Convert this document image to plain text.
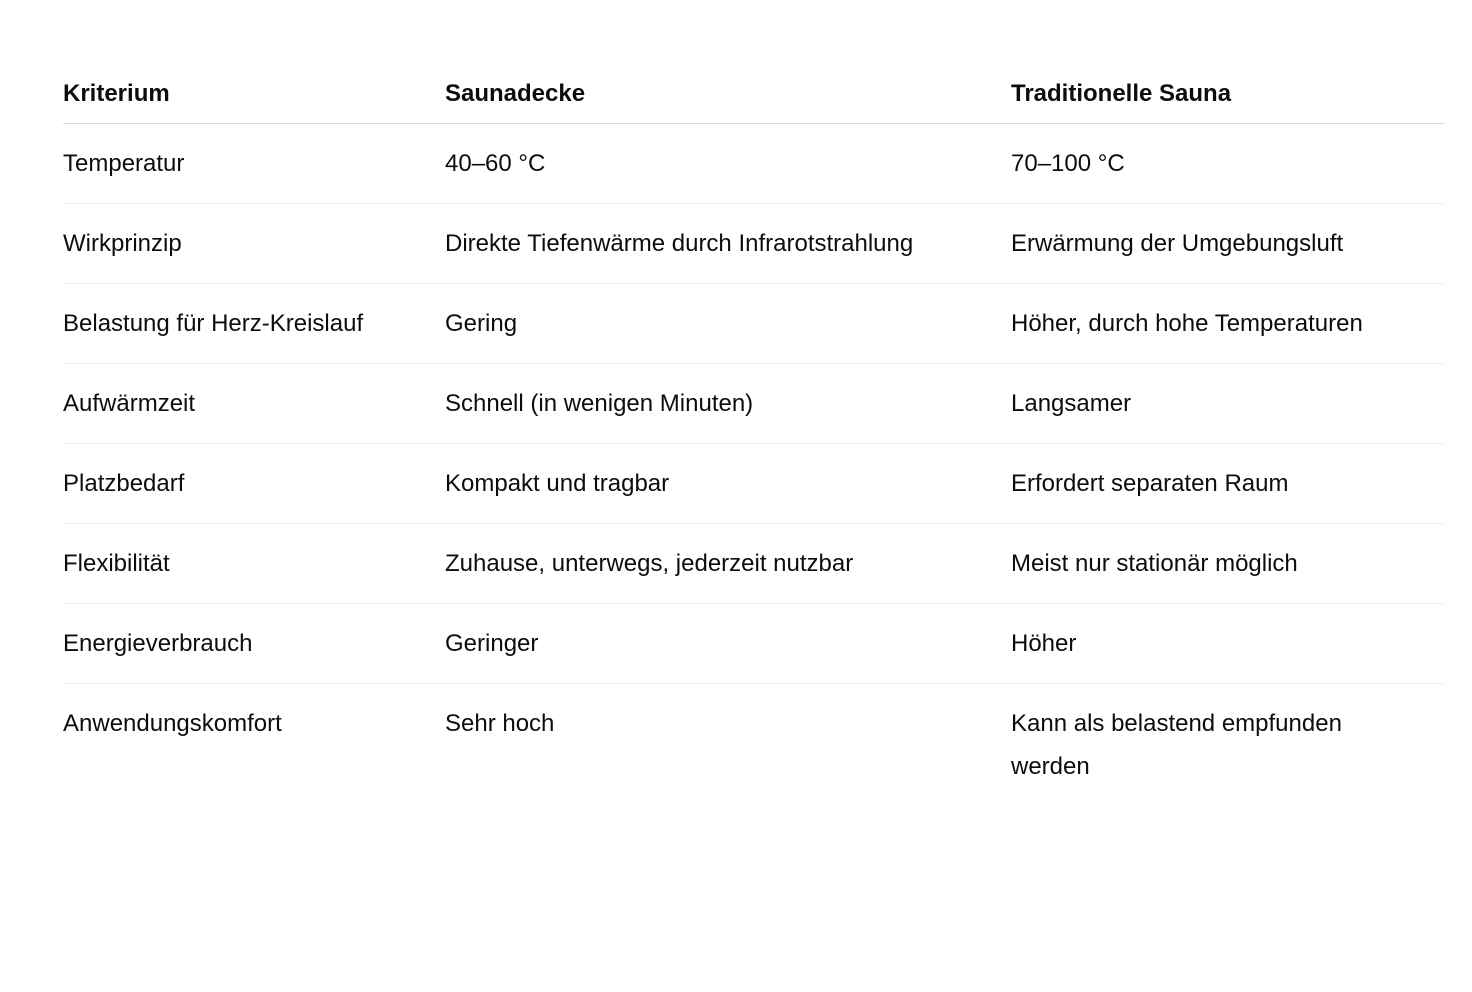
Kriterium	Saunadecke	Traditionelle Sauna
Temperatur	40–60 °C	70–100 °C
Wirkprinzip	Direkte Tiefenwärme durch Infrarotstrahlung	Erwärmung der Umgebungsluft
Belastung für Herz-Kreislauf	Gering	Höher, durch hohe Temperaturen
Aufwärmzeit	Schnell (in wenigen Minuten)	Langsamer
Platzbedarf	Kompakt und tragbar	Erfordert separaten Raum
Flexibilität	Zuhause, unterwegs, jederzeit nutzbar	Meist nur stationär möglich
Energieverbrauch	Geringer	Höher
Anwendungskomfort	Sehr hoch	Kann als belastend empfunden werden
